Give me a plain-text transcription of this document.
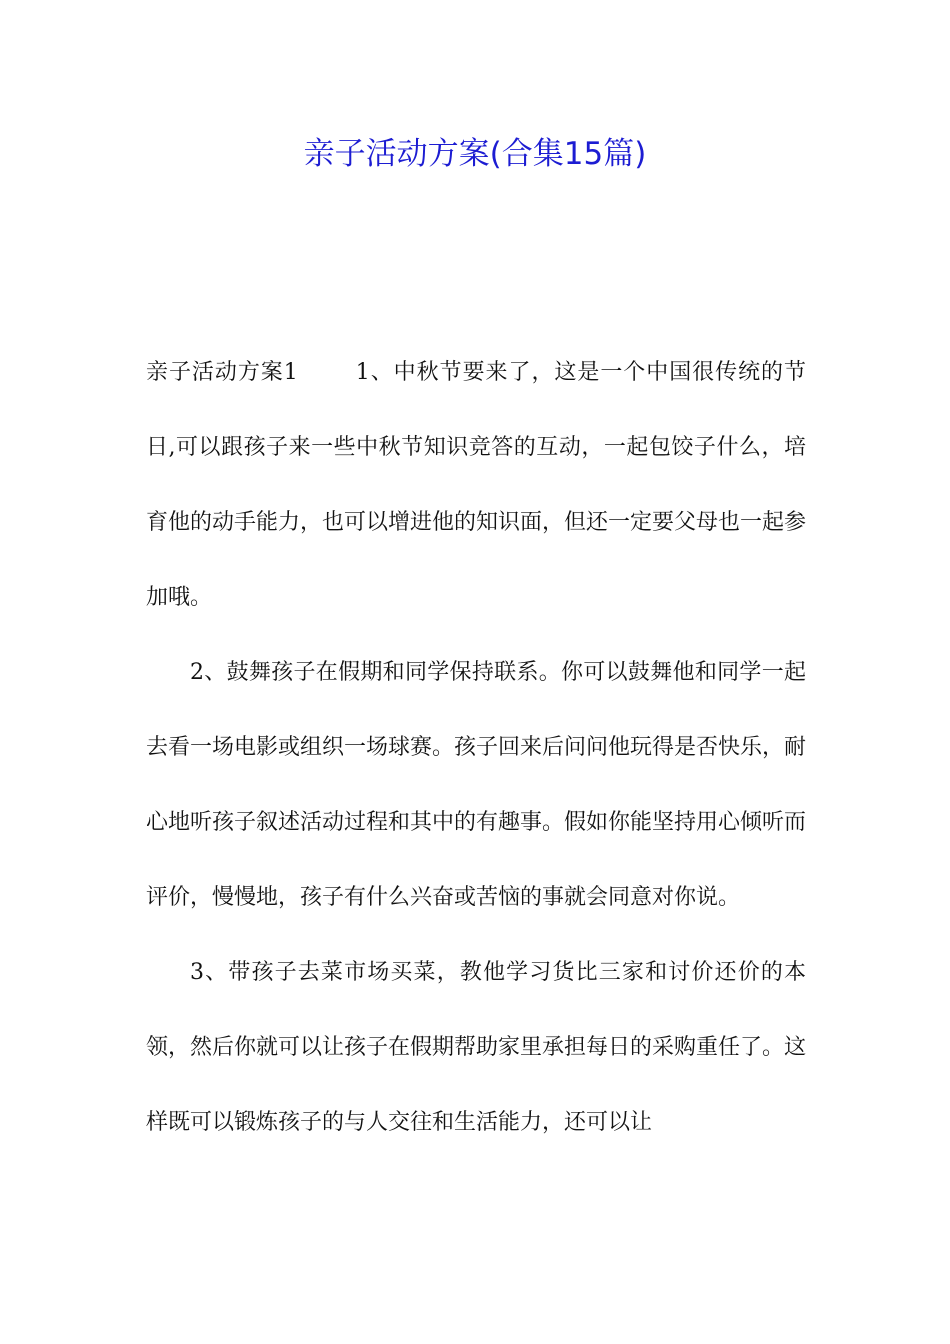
亲子活动方案(合集15篇)

亲子活动方案1	1、中秋节要来了，这是一个中国很传统的节日,可以跟孩子来一些中秋节知识竞答的互动，一起包饺子什么，培育他的动手能力，也可以增进他的知识面，但还一定要父母也一起参加哦。

2、鼓舞孩子在假期和同学保持联系。你可以鼓舞他和同学一起去看一场电影或组织一场球赛。孩子回来后问问他玩得是否快乐，耐心地听孩子叙述活动过程和其中的有趣事。假如你能坚持用心倾听而评价，慢慢地，孩子有什么兴奋或苦恼的事就会同意对你说。

3、带孩子去菜市场买菜，教他学习货比三家和讨价还价的本领，然后你就可以让孩子在假期帮助家里承担每日的采购重任了。这样既可以锻炼孩子的与人交往和生活能力，还可以让
